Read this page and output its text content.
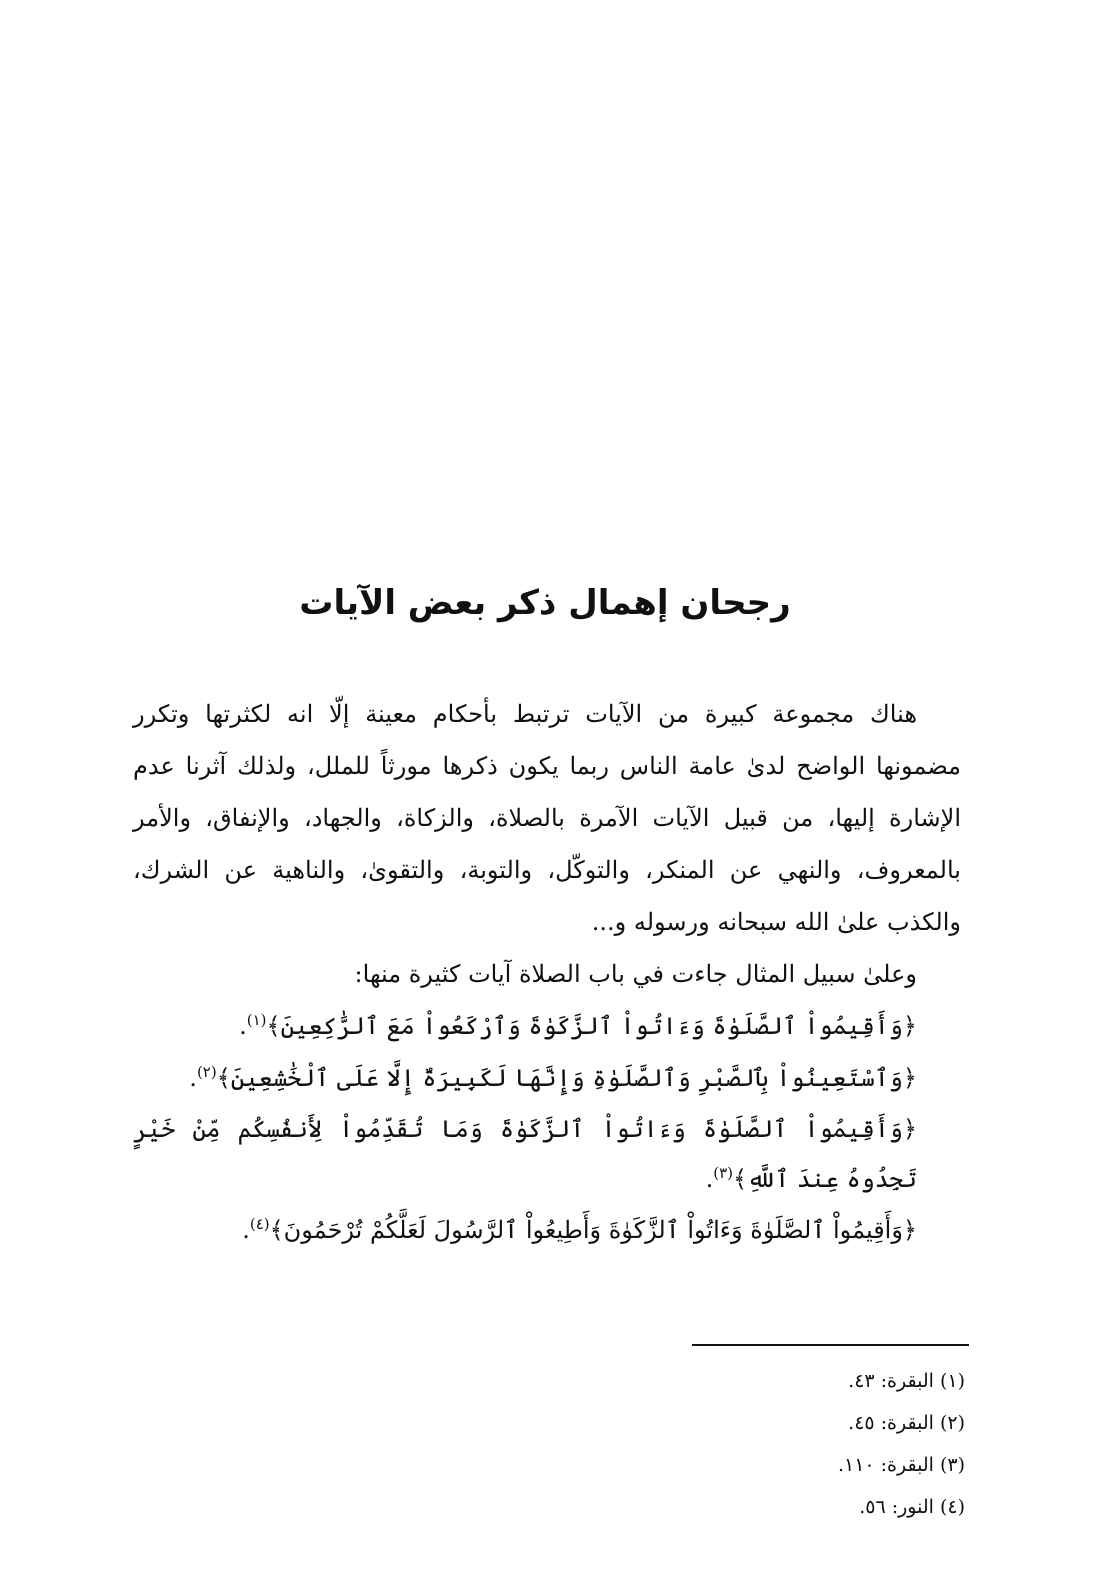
رجحان إهمال ذكر بعض الآيات

هناك مجموعة كبيرة من الآيات ترتبط بأحكام معينة إلّا انه لكثرتها وتكرر مضمونها الواضح لدىٰ عامة الناس ربما يكون ذكرها مورثاً للملل، ولذلك آثرنا عدم الإشارة إليها، من قبيل الآيات الآمرة بالصلاة، والزكاة، والجهاد، والإنفاق، والأمر بالمعروف، والنهي عن المنكر، والتوكّل، والتوبة، والتقوىٰ، والناهية عن الشرك، والكذب علىٰ الله سبحانه ورسوله و...

وعلىٰ سبيل المثال جاءت في باب الصلاة آيات كثيرة منها:

﴿وَأَقِيمُواْ ٱلصَّلَوٰةَ وَءَاتُواْ ٱلزَّكَوٰةَ وَٱرْكَعُواْ مَعَ ٱلرَّٰكِعِينَ﴾$^{(١)}$.

﴿وَٱسْتَعِينُواْ بِٱلصَّبْرِ وَٱلصَّلَوٰةِ وَإِنَّهَا لَكَبِيرَةٌ إِلَّا عَلَى ٱلْخَٰشِعِينَ﴾$^{(٢)}$.

﴿وَأَقِيمُواْ ٱلصَّلَوٰةَ وَءَاتُواْ ٱلزَّكَوٰةَ وَمَا تُقَدِّمُواْ لِأَنفُسِكُم مِّنْ خَيْرٍ تَجِدُوهُ عِندَ ٱللَّهِ﴾$^{(٣)}$.

﴿وَأَقِيمُواْ ٱلصَّلَوٰةَ وَءَاتُواْ ٱلزَّكَوٰةَ وَأَطِيعُواْ ٱلرَّسُولَ لَعَلَّكُمْ تُرْحَمُونَ﴾$^{(٤)}$.

(١) البقرة: ٤٣.
(٢) البقرة: ٤٥.
(٣) البقرة: ١١٠.
(٤) النور: ٥٦.
